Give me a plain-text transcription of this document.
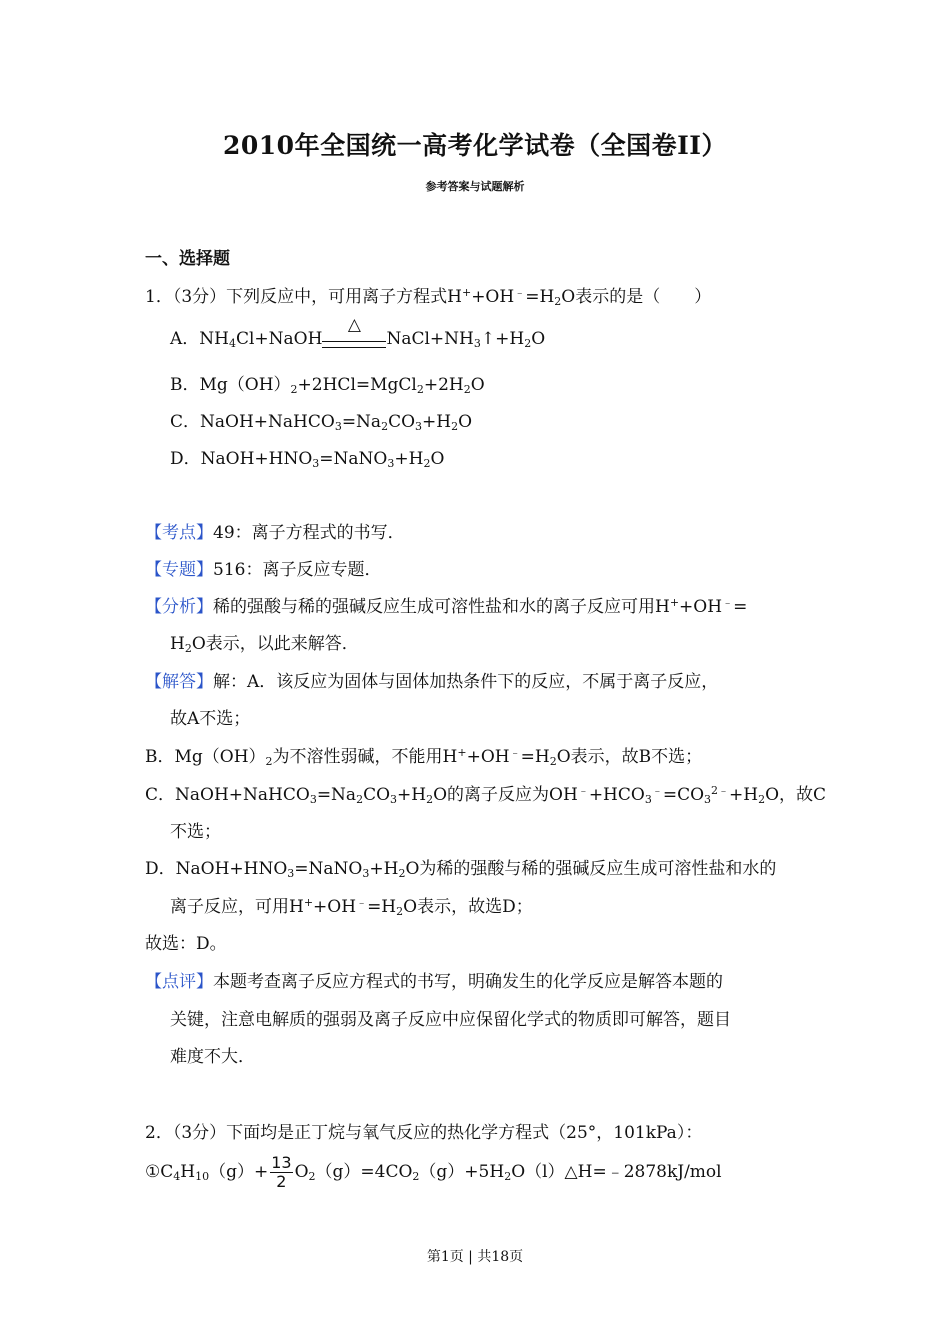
2010年全国统一高考化学试卷（全国卷II）
参考答案与试题解析
一、选择题
1．（3分）下列反应中，可用离子方程式$H^++OH^﹣=H_2O$表示的是（　　）
A．$NH_4Cl+NaOH$
△
$NaCl+NH_3↑+H_2O$
B．$Mg(OH)_2+2HCl=MgCl_2+2H_2O$
C．$NaOH+NaHCO_3=Na_2CO_3+H_2O$
D．$NaOH+HNO_3=NaNO_3+H_2O$
【考点】49：离子方程式的书写．
【专题】516：离子反应专题．
【分析】稀的强酸与稀的强碱反应生成可溶性盐和水的离子反应可用H++OH﹣=
$H_2O$表示，以此来解答．
【解答】解：A．该反应为固体与固体加热条件下的反应，不属于离子反应，
故A不选；
B．$Mg(OH)_2$为不溶性弱碱，不能用$H^++OH^﹣=H_2O$表示，故B不选；
C．$NaOH+NaHCO_3=Na_2CO_3+H_2O$的离子反应为$OH^﹣+HCO_3^﹣=CO_3^{2﹣}+H_2O$，故C
不选；
D．$NaOH+HNO_3=NaNO_3+H_2O$为稀的强酸与稀的强碱反应生成可溶性盐和水的
离子反应，可用$H^++OH^﹣=H_2O$表示，故选D；
故选：D。
【点评】本题考查离子反应方程式的书写，明确发生的化学反应是解答本题的
关键，注意电解质的强弱及离子反应中应保留化学式的物质即可解答，题目
难度不大．
2．（3分）下面均是正丁烷与氧气反应的热化学方程式（25°，101kPa）：
$①C_4H_{10}(g)+ \frac{13}{2}$ $O_2(g)=4CO_2(g)+5H_2O(l)\triangle H=﹣2878kJ$/mol
第1页 | 共18页
